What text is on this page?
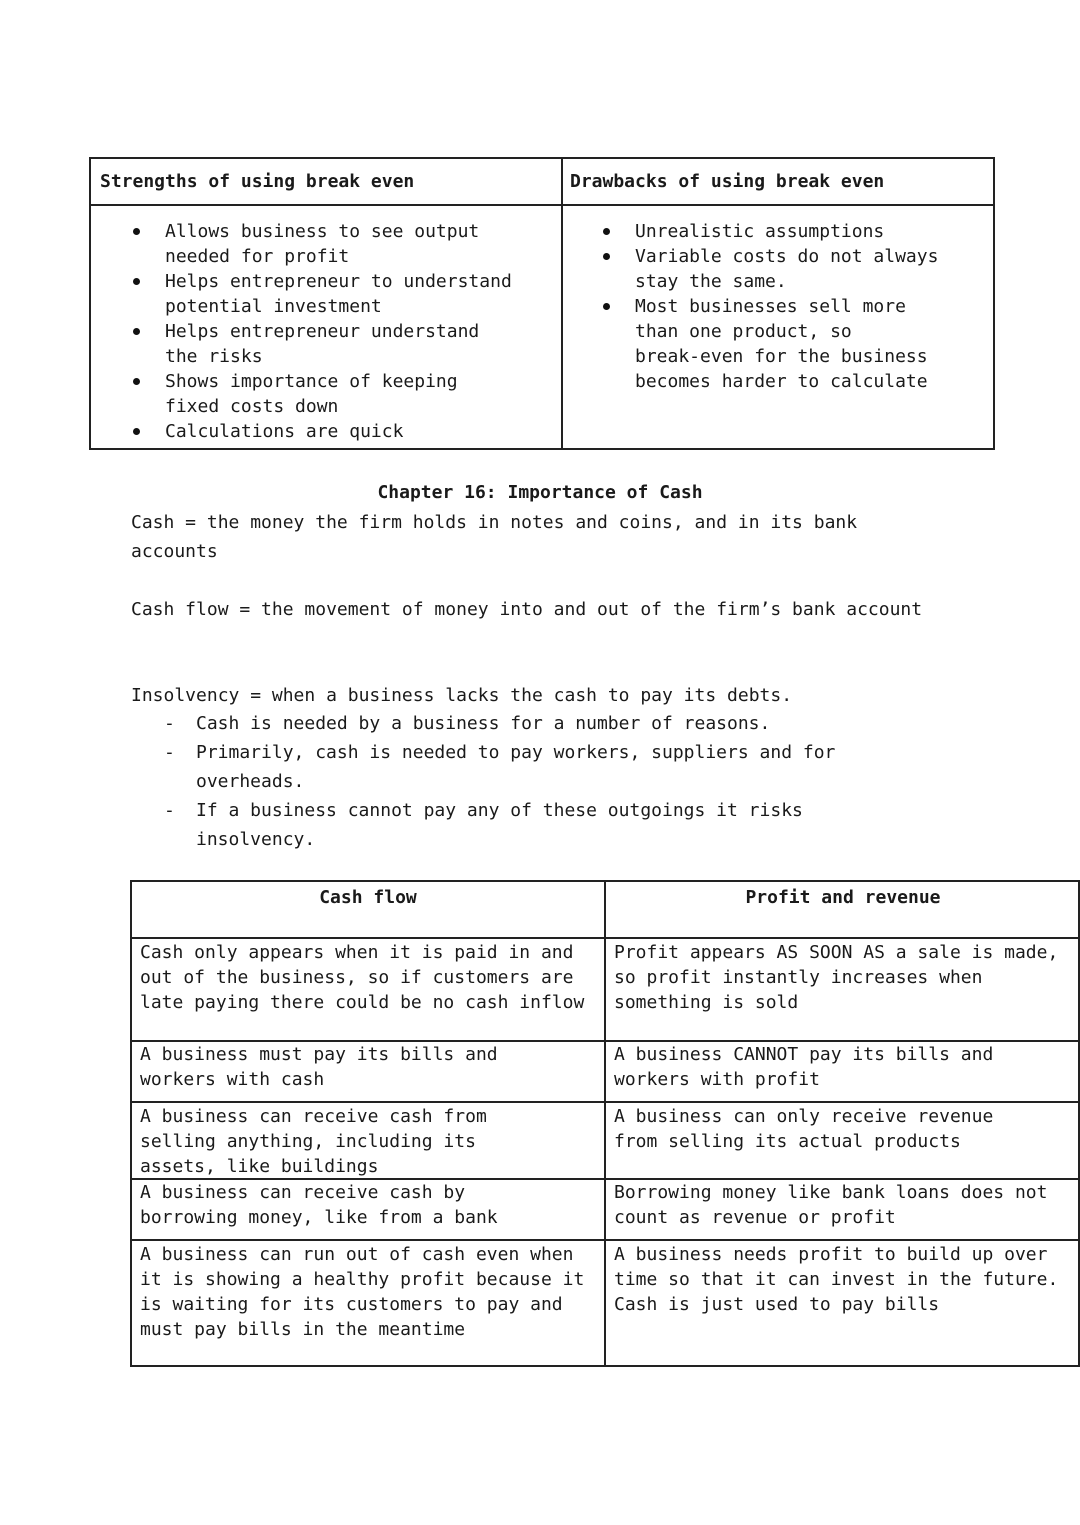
Strengths of using break even	Drawbacks of using break even
Allows business to see output
needed for profit
Helps entrepreneur to understand
potential investment
Helps entrepreneur understand
the risks
Shows importance of keeping
fixed costs down
Calculations are quick
Unrealistic assumptions
Variable costs do not always
stay the same.
Most businesses sell more
than one product, so
break-even for the business
becomes harder to calculate
Chapter 16: Importance of Cash
Cash = the money the firm holds in notes and coins, and in its bank accounts
Cash flow = the movement of money into and out of the firm’s bank account
Insolvency = when a business lacks the cash to pay its debts.
- Cash is needed by a business for a number of reasons.
- Primarily, cash is needed to pay workers, suppliers and for overheads.
- If a business cannot pay any of these outgoings it risks insolvency.
Cash flow	Profit and revenue
Cash only appears when it is paid in and out of the business, so if customers are late paying there could be no cash inflow
Profit appears AS SOON AS a sale is made, so profit instantly increases when something is sold
A business must pay its bills and workers with cash
A business CANNOT pay its bills and workers with profit
A business can receive cash from selling anything, including its assets, like buildings
A business can only receive revenue from selling its actual products
A business can receive cash by borrowing money, like from a bank
Borrowing money like bank loans does not count as revenue or profit
A business can run out of cash even when it is showing a healthy profit because it is waiting for its customers to pay and must pay bills in the meantime
A business needs profit to build up over time so that it can invest in the future. Cash is just used to pay bills
